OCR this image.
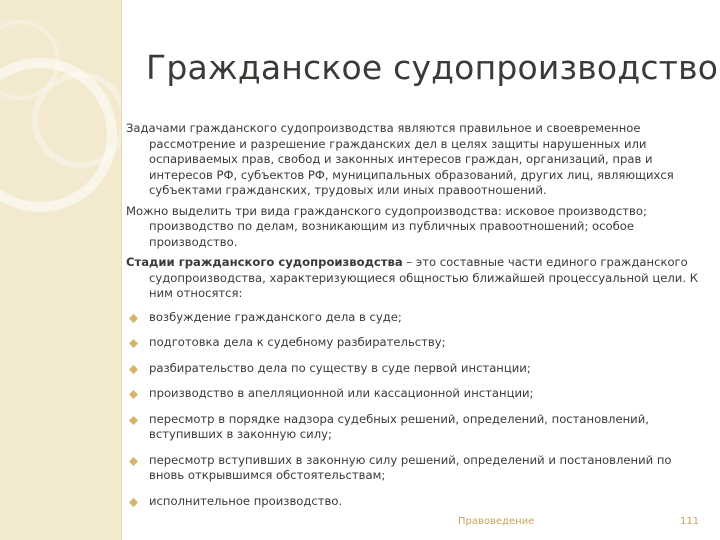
Гражданское судопроизводство

Задачами гражданского судопроизводства являются правильное и своевременное рассмотрение и разрешение гражданских дел в целях защиты нарушенных или оспариваемых прав, свобод и законных интересов граждан, организаций, прав и интересов РФ, субъектов РФ, муниципальных образований, других лиц, являющихся субъектами гражданских, трудовых или иных правоотношений.

Можно выделить три вида гражданского судопроизводства: исковое производство; производство по делам, возникающим из публичных правоотношений; особое производство.

Стадии гражданского судопроизводства – это составные части единого гражданского судопроизводства, характеризующиеся общностью ближайшей процессуальной цели. К ним относятся:

возбуждение гражданского дела в суде;
подготовка дела к судебному разбирательству;
разбирательство дела по существу в суде первой инстанции;
производство в апелляционной или кассационной инстанции;
пересмотр в порядке надзора судебных решений, определений, постановлений, вступивших в законную силу;
пересмотр вступивших в законную силу решений, определений и постановлений по вновь открывшимся обстоятельствам;
исполнительное производство.
Правоведение	111
